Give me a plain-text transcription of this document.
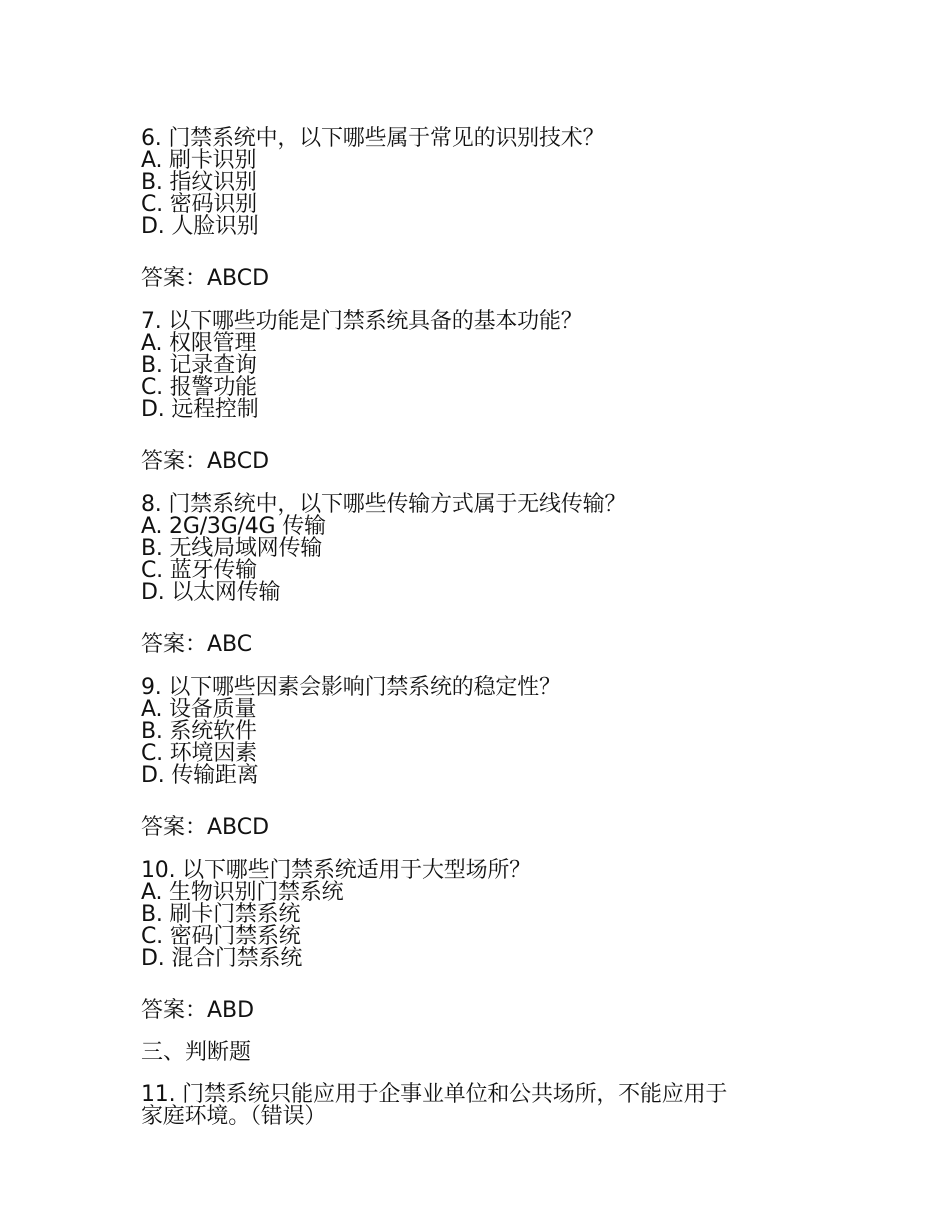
6. 门禁系统中，以下哪些属于常见的识别技术？
A. 刷卡识别
B. 指纹识别
C. 密码识别
D. 人脸识别
答案：ABCD
7. 以下哪些功能是门禁系统具备的基本功能？
A. 权限管理
B. 记录查询
C. 报警功能
D. 远程控制
答案：ABCD
8. 门禁系统中，以下哪些传输方式属于无线传输？
A. 2G/3G/4G 传输
B. 无线局域网传输
C. 蓝牙传输
D. 以太网传输
答案：ABC
9. 以下哪些因素会影响门禁系统的稳定性？
A. 设备质量
B. 系统软件
C. 环境因素
D. 传输距离
答案：ABCD
10. 以下哪些门禁系统适用于大型场所？
A. 生物识别门禁系统
B. 刷卡门禁系统
C. 密码门禁系统
D. 混合门禁系统
答案：ABD
三、判断题
11. 门禁系统只能应用于企事业单位和公共场所，不能应用于
家庭环境。（错误）
